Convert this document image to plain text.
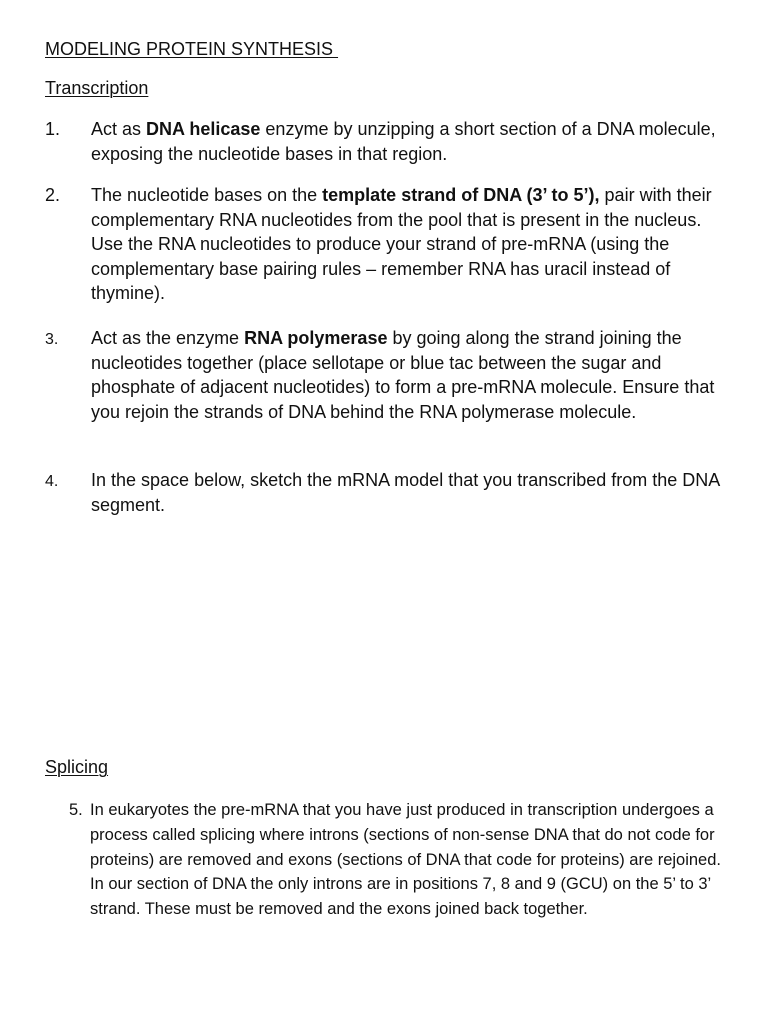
MODELING PROTEIN SYNTHESIS
Transcription
1. Act as DNA helicase enzyme by unzipping a short section of a DNA molecule, exposing the nucleotide bases in that region.
2. The nucleotide bases on the template strand of DNA (3’ to 5’), pair with their complementary RNA nucleotides from the pool that is present in the nucleus. Use the RNA nucleotides to produce your strand of pre-mRNA (using the complementary base pairing rules – remember RNA has uracil instead of thymine).
3. Act as the enzyme RNA polymerase by going along the strand joining the nucleotides together (place sellotape or blue tac between the sugar and phosphate of adjacent nucleotides) to form a pre-mRNA molecule. Ensure that you rejoin the strands of DNA behind the RNA polymerase molecule.
4. In the space below, sketch the mRNA model that you transcribed from the DNA segment.
Splicing
5. In eukaryotes the pre-mRNA that you have just produced in transcription undergoes a process called splicing where introns (sections of non-sense DNA that do not code for proteins) are removed and exons (sections of DNA that code for proteins) are rejoined. In our section of DNA the only introns are in positions 7, 8 and 9 (GCU) on the 5’ to 3’ strand. These must be removed and the exons joined back together.
